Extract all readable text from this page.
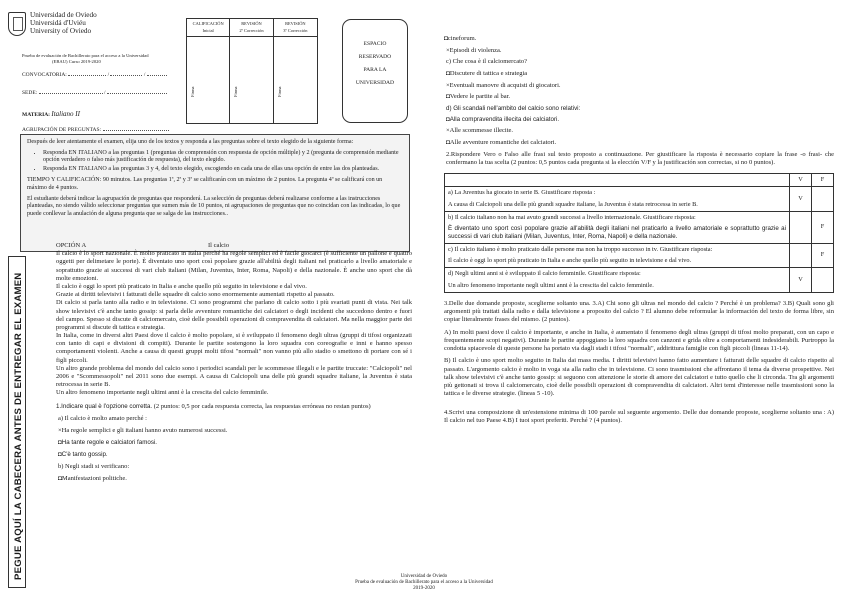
Universidad de Oviedo
Universidá d'Uviéu
University of Oviedo
Prueba de evaluación de Bachillerato para el acceso a la Universidad
(EBAU) Curso 2019-2020
CONVOCATORIA:	/	/
SEDE:	/
MATERIA: Italiano II
AGRUPACIÓN DE PREGUNTAS:
CALIFICACIÓN
Inicial
Firma
REVISIÓN
2º Corrección
Firma
REVISIÓN
3º Corrección
Firma
ESPACIO
RESERVADO
PARA LA
UNIVERSIDAD

Después de leer atentamente el examen, elija uno de los textos y responda a las preguntas sobre el texto elegido de la siguiente forma:

• Responda EN ITALIANO a las preguntas 1 (preguntas de comprensión con respuesta de opción múltiple) y 2 (pregunta de comprensión mediante opción verdadero o falso más justificación de respuesta), del texto elegido.
• Responda EN ITALIANO a las preguntas 3 y 4, del texto elegido, escogiendo en cada una de ellas una opción de entre las dos planteadas.

TIEMPO Y CALIFICACIÓN: 90 minutos. Las preguntas 1ª, 2ª y 3ª se calificarán con un máximo de 2 puntos. La pregunta 4ª se calificará con un máximo de 4 puntos.

El estudiante deberá indicar la agrupación de preguntas que responderá. La selección de preguntas deberá realizarse conforme a las instrucciones planteadas, no siendo válido seleccionar preguntas que sumen más de 10 puntos, ni agrupaciones de preguntas que no coincidan con las indicadas, lo que puede conllevar la anulación de alguna pregunta que se salga de las instrucciones..

PEGUE AQUÍ LA CABECERA ANTES DE ENTREGAR EL EXAMEN
OPCIÓN A	Il calcio

Il calcio è lo sport nazionale. È molto praticato in Italia perché ha regole semplici ed è facile giocarci (è sufficiente un pallone e quattro oggetti per delimetare le porte). È diventato uno sport così popolare grazie all'abilità degli italiani nel praticarlo a livello amatoriale e soprattutto grazie ai successi di vari club italiani (Milan, Juventus, Inter, Roma, Napoli) e della nazionale. È anche uno sport che dà molte emozioni.

Il calcio è oggi lo sport più praticato in Italia e anche quello più seguito in televisione e dal vivo.

Grazie ai diritti televisivi i fatturati delle squadre di calcio sono enormemente aumentati rispetto al passato.

Di calcio si parla tanto alla radio e in televisione. Ci sono programmi che parlano di calcio sotto i più svariati punti di vista. Nei talk show televisivi c'è anche tanto gossip: si parla delle avventure romantiche dei calciatori o degli incidenti che succedono dentro e fuori del campo. Spesso si discute di calciomercato, cioè delle possibili operazioni di compravendita di calciatori. Ma nella maggior parte dei programmi si discute di tattica e strategia.

In Italia, come in diversi altri Paesi dove il calcio è molto popolare, si è sviluppato il fenomeno degli ultras (gruppi di tifosi organizzati con tanto di capi e divisioni di compiti). Durante le partite sostengono la loro squadra con coreografie e inni e hanno spesso comportamenti violenti. Anche a causa di questi gruppi molti tifosi "normali" non vanno più allo stadio o smettono di portare con sé i figli piccoli.

Un altro grande problema del mondo del calcio sono i periodici scandali per le scommesse illegali e le partite truccate: "Calciopoli" nel 2006 e "Scommessopoli" nel 2011 sono due esempi. A causa di Calciopoli una delle più grandi squadre italiane, la Juventus è stata retrocessa in serie B.

Un altro fenomeno importante negli ultimi anni è la crescita del calcio femminile.

1.Indicare qual è l'opzione corretta. (2 puntos: 0,5 por cada respuesta correcta, las respuestas erróneas no restan puntos)

a) Il calcio è molto amato perché :

×Ha regole semplici e gli italiani hanno avuto numerosi successi.

◘Ha tante regole e calciatori famosi.

◘C'è tanto gossip.

b) Negli stadi si verificano:

◘Manifestazioni politiche.

◘cineforum.

×Episodi di violenza.

c) Che cosa è il calciomercato?

◘Discutere di tattica e strategia

×Eventuali manovre di acquisti di giocatori.

◘Vedere le partite al bar.

d) Gli scandali nell'ambito del calcio sono relativi:

◘Alla compravendita illecita dei calciatori.

×Alle scommesse illecite.

◘Alle avventure romantiche dei calciatori.

2.Risponderе Vero o Falso alle frasi sul testo proposto a continuazione. Per giustificare la risposta è necessario copiare la frase -o frasi- che confermano la tua scelta (2 puntos: 0,5 puntos cada pregunta si la elección V/F y la justificación son correctas, si no 0 puntos).

	V	F

a) La Juventus ha giocato in serie B. Giustificare risposta :

A causa di Calciopoli una delle più grandi squadre italiane, la Juventus è stata retrocessa in serie B.	V	

b) Il calcio italiano non ha mai avuto grandi successi a livello internazionale. Giustificare risposta:

È diventato uno sport così popolare grazie all'abilità degli italiani nel praticarlo a livello amatoriale e soprattutto grazie ai successi di vari club italiani (Milan, Juventus, Inter, Roma, Napoli) e della nazionale.		F

c) Il calcio italiano è molto praticato dalle persone ma non ha troppo successo in tv. Giustificare risposta:

Il calcio è oggi lo sport più praticato in Italia e anche quello più seguito in televisione e dal vivo.		F

d) Negli ultimi anni si è sviluppato il calcio femminile. Giustificare risposta:

Un altro fenomeno importante negli ultimi anni è la crescita del calcio femminile.	V	

3.Delle due domande proposte, sceglierne soltanto una. 3.A) Chi sono gli ultras nel mondo del calcio ? Perché è un problema? 3.B) Quali sono gli argomenti più trattati dalla radio e dalla televisione a proposito del calcio ? El alumno debe reformular la información del texto de forma libre, sin copiar literalmente frases del mismo. (2 puntos).

A) In molti paesi dove il calcio è importante, e anche in Italia, è aumentato il fenomeno degli ultras (gruppi di tifosi molto preparati, con un capo e frequentemente scopi negativi). Durante le partite appoggiano la loro squadra con canzoni e grida oltre a comportamenti indesiderabili. Purtroppo la condotta spiacevole di queste persone ha portato via dagli stadi i tifosi "normali", addirittura famiglie con figli piccoli (lineas 11-14).

B) Il calcio è uno sport molto seguito in Italia dai mass media. I diritti televisivi hanno fatto aumentare i fatturati delle squadre di calcio rispetto al passato. L'argomento calcio è molto in voga sia alla radio che in televisione. Ci sono trasmissioni che affrontano il tema da diverse prospettive. Nei talk show televisivi c'è anche tanto gossip: si seguono con attenzione le storie di amore dei calciatori e tutto quello che li circonda. Tra gli argomenti più gettonati si trova il calciomercato, cioè delle possibili operazioni di compravendita di calciatori. Altri temi d'interesse nelle trasmissioni sono la tattica e le diverse strategie. (lineas 5 -10).

4.Scrivi una composizione di un'estensione minima di 100 parole sul seguente argomento. Delle due domande proposte, sceglierne soltanto una : A) Il calcio nel tuo Paese 4.B) I tuoi sport preferiti. Perché ? (4 puntos).

Universidad de Oviedo
Prueba de evaluación de Bachillerato para el acceso a la Universidad
2019-2020
